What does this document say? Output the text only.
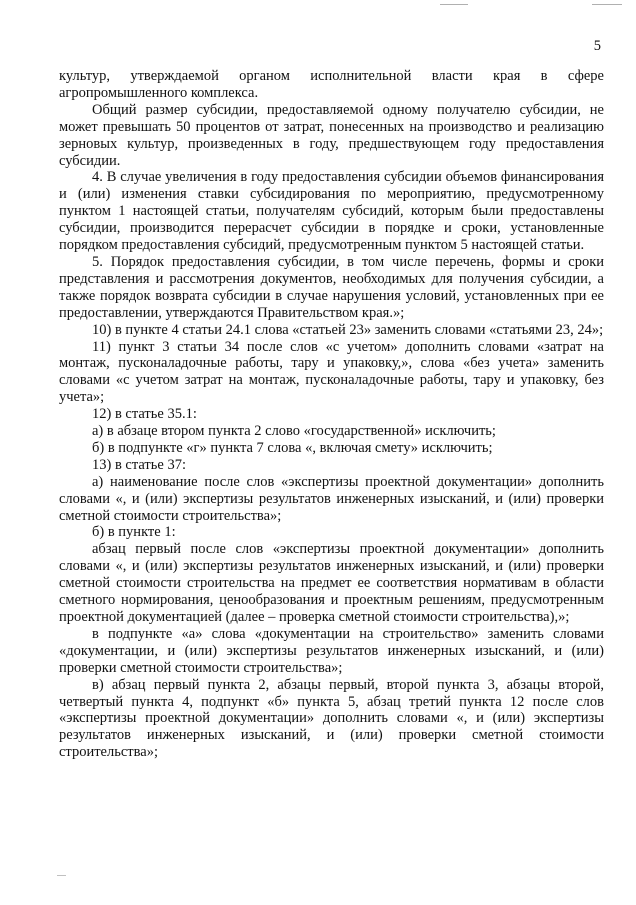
5

культур, утверждаемой органом исполнительной власти края в сфере агропромышленного комплекса.

Общий размер субсидии, предоставляемой одному получателю субсидии, не может превышать 50 процентов от затрат, понесенных на производство и реализацию зерновых культур, произведенных в году, предшествующем году предоставления субсидии.

4. В случае увеличения в году предоставления субсидии объемов финансирования и (или) изменения ставки субсидирования по мероприятию, предусмотренному пунктом 1 настоящей статьи, получателям субсидий, которым были предоставлены субсидии, производится перерасчет субсидии в порядке и сроки, установленные порядком предоставления субсидий, предусмотренным пунктом 5 настоящей статьи.

5. Порядок предоставления субсидии, в том числе перечень, формы и сроки представления и рассмотрения документов, необходимых для получения субсидии, а также порядок возврата субсидии в случае нарушения условий, установленных при ее предоставлении, утверждаются Правительством края.»;

10) в пункте 4 статьи 24.1 слова «статьей 23» заменить словами «статьями 23, 24»;

11) пункт 3 статьи 34 после слов «с учетом» дополнить словами «затрат на монтаж, пусконаладочные работы, тару и упаковку,», слова «без учета» заменить словами «с учетом затрат на монтаж, пусконаладочные работы, тару и упаковку, без учета»;

12) в статье 35.1:

а) в абзаце втором пункта 2 слово «государственной» исключить;

б) в подпункте «г» пункта 7 слова «, включая смету» исключить;

13) в статье 37:

а) наименование после слов «экспертизы проектной документации» дополнить словами «, и (или) экспертизы результатов инженерных изысканий, и (или) проверки сметной стоимости строительства»;

б) в пункте 1:

абзац первый после слов «экспертизы проектной документации» дополнить словами «, и (или) экспертизы результатов инженерных изысканий, и (или) проверки сметной стоимости строительства на предмет ее соответствия нормативам в области сметного нормирования, ценообразования и проектным решениям, предусмотренным проектной документацией (далее – проверка сметной стоимости строительства),»;

в подпункте «а» слова «документации на строительство» заменить словами «документации, и (или) экспертизы результатов инженерных изысканий, и (или) проверки сметной стоимости строительства»;

в) абзац первый пункта 2, абзацы первый, второй пункта 3, абзацы второй, четвертый пункта 4, подпункт «б» пункта 5, абзац третий пункта 12 после слов «экспертизы проектной документации» дополнить словами «, и (или) экспертизы результатов инженерных изысканий, и (или) проверки сметной стоимости строительства»;
